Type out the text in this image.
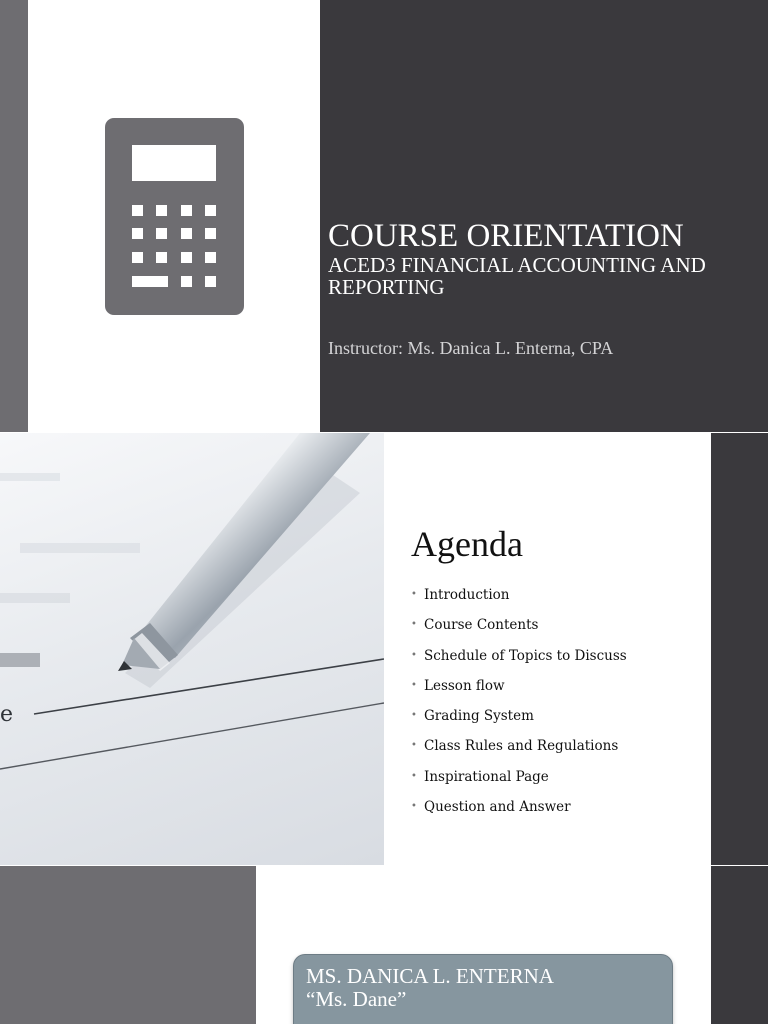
COURSE ORIENTATION
ACED3 FINANCIAL ACCOUNTING AND REPORTING
Instructor: Ms. Danica L. Enterna, CPA
e
Agenda
• Introduction
• Course Contents
• Schedule of Topics to Discuss
• Lesson flow
• Grading System
• Class Rules and Regulations
• Inspirational Page
• Question and Answer
MS. DANICA L. ENTERNA
“Ms. Dane”
